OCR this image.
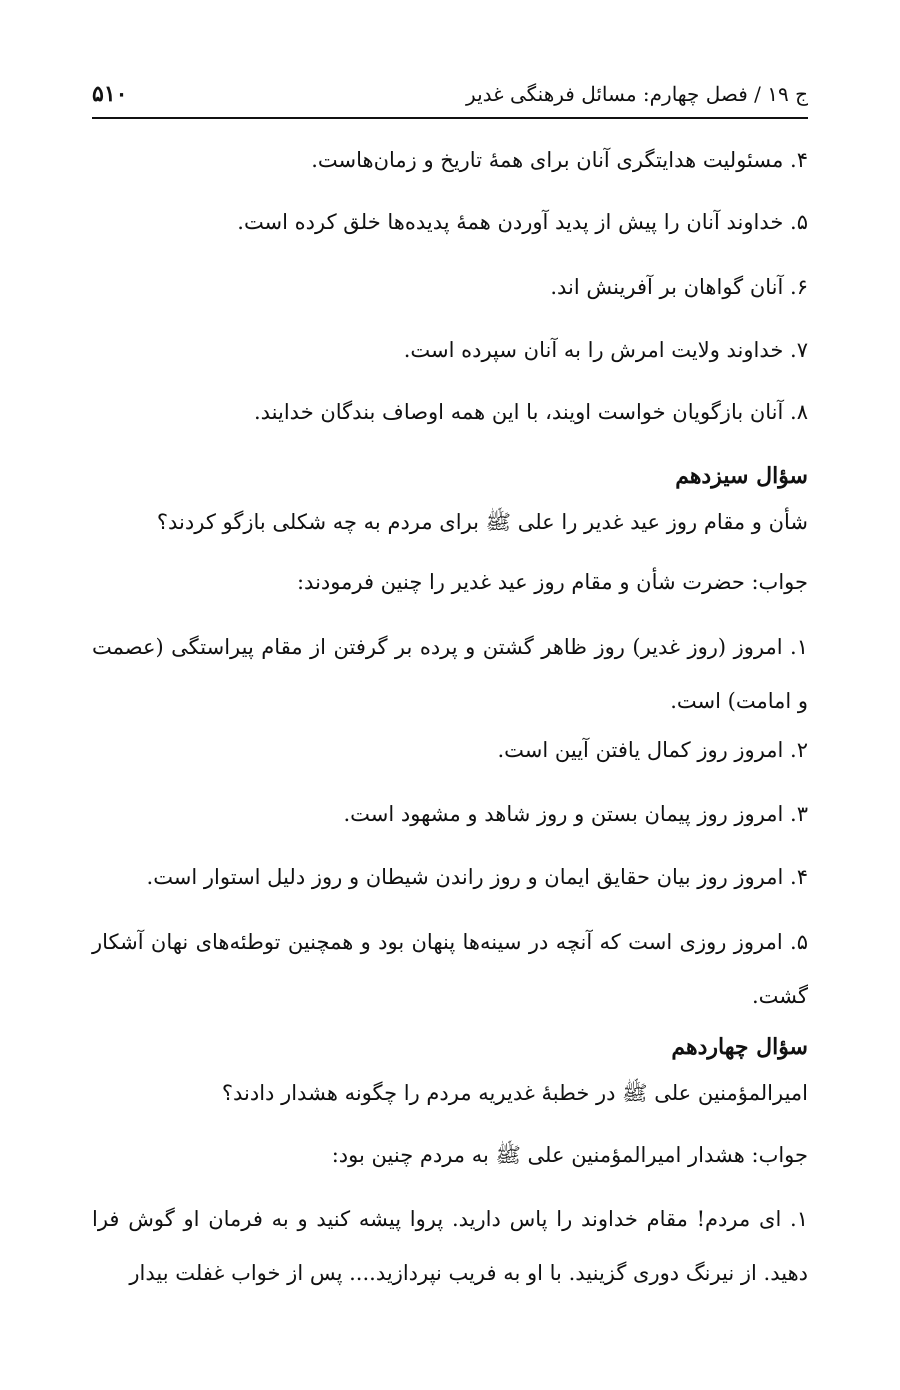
۵۱۰	ج ۱۹ / فصل چهارم: مسائل فرهنگی غدیر
۴. مسئولیت هدایتگری آنان برای همهٔ تاریخ و زمان‌هاست.
۵. خداوند آنان را پیش از پدید آوردن همهٔ پدیده‌ها خلق کرده است.
۶. آنان گواهان بر آفرینش اند.
۷. خداوند ولایت امرش را به آنان سپرده است.
۸. آنان بازگویان خواست اویند، با این همه اوصاف بندگان خدایند.
سؤال سیزدهم
شأن و مقام روز عید غدیر را علی ﷺ برای مردم به چه شکلی بازگو کردند؟
جواب: حضرت شأن و مقام روز عید غدیر را چنین فرمودند:
۱. امروز (روز غدیر) روز ظاهر گشتن و پرده بر گرفتن از مقام پیراستگی (عصمت و امامت) است.
۲. امروز روز کمال یافتن آیین است.
۳. امروز روز پیمان بستن و روز شاهد و مشهود است.
۴. امروز روز بیان حقایق ایمان و روز راندن شیطان و روز دلیل استوار است.
۵. امروز روزی است که آنچه در سینه‌ها پنهان بود و همچنین توطئه‌های نهان آشکار گشت.
سؤال چهاردهم
امیرالمؤمنین علی ﷺ در خطبهٔ غدیریه مردم را چگونه هشدار دادند؟
جواب: هشدار امیرالمؤمنین علی ﷺ به مردم چنین بود:
۱. ای مردم! مقام خداوند را پاس دارید. پروا پیشه کنید و به فرمان او گوش فرا دهید. از نیرنگ دوری گزینید. با او به فریب نپردازید.... پس از خواب غفلت بیدار
